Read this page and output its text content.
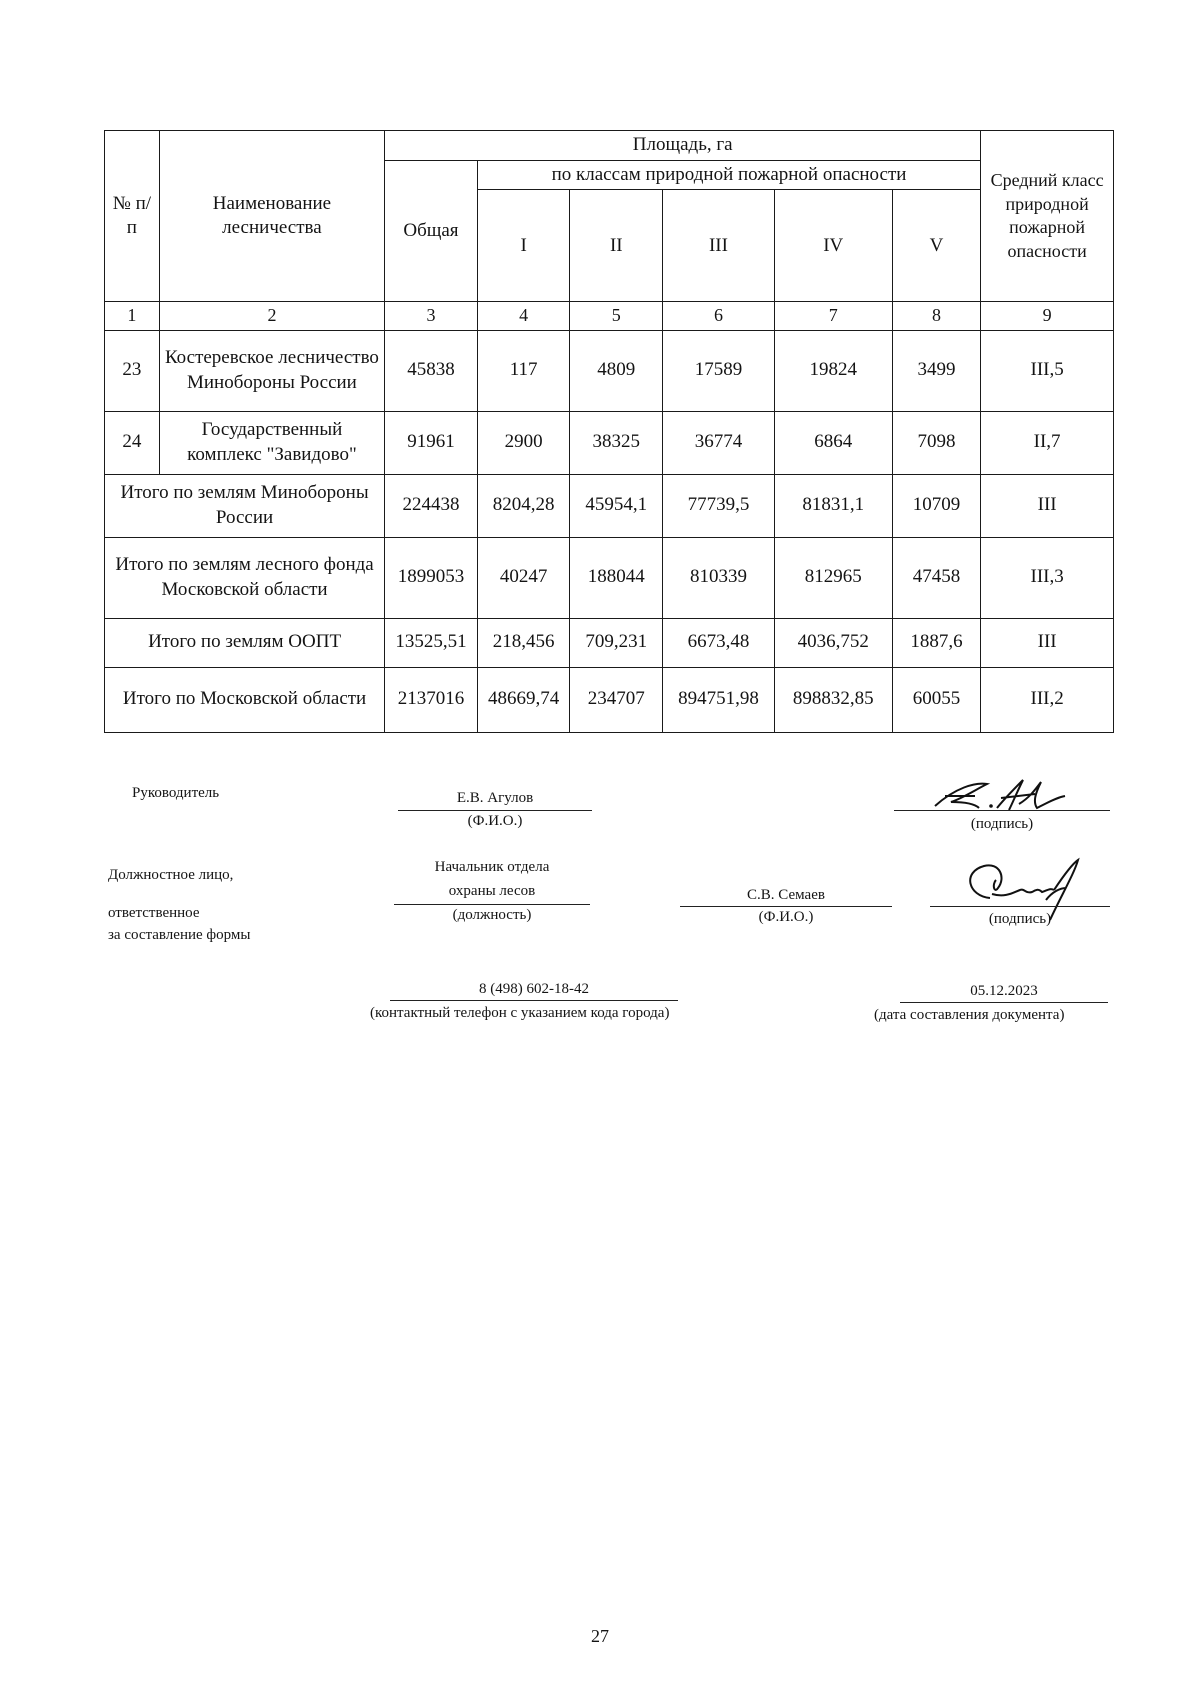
№ п/п	Наименование лесничества	Площадь, га						Средний класс природной пожарной опасности
		Общая	по классам природной пожарной опасности					
			I	II	III	IV	V	
1	2	3	4	5	6	7	8	9
23	Костеревское лесничество Минобороны России	45838	117	4809	17589	19824	3499	III,5
24	Государственный комплекс "Завидово"	91961	2900	38325	36774	6864	7098	II,7
Итого по землям Минобороны России		224438	8204,28	45954,1	77739,5	81831,1	10709	III
Итого по землям лесного фонда Московской области		1899053	40247	188044	810339	812965	47458	III,3
Итого по землям ООПТ		13525,51	218,456	709,231	6673,48	4036,752	1887,6	III
Итого по Московской области		2137016	48669,74	234707	894751,98	898832,85	60055	III,2
Руководитель	Е.В. Агулов
(Ф.И.О.)	(подпись)
Должностное лицо,
ответственное
за составление формы
Начальник отдела
охраны лесов
(должность)
С.В. Семаев
(Ф.И.О.)	(подпись)
8 (498) 602-18-42
(контактный телефон с указанием кода города)
05.12.2023
(дата составления документа)
27
